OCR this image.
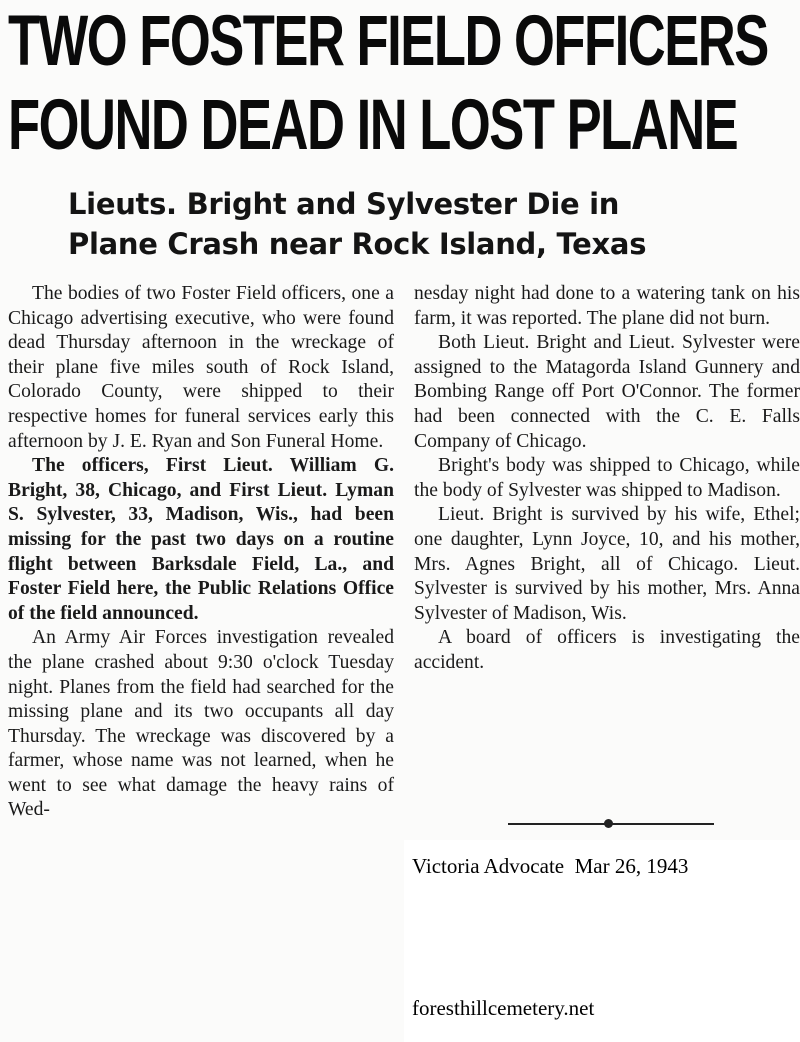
TWO FOSTER FIELD OFFICERS
FOUND DEAD IN LOST PLANE
Lieuts. Bright and Sylvester Die in
Plane Crash near Rock Island, Texas

The bodies of two Foster Field officers, one a Chicago advertising executive, who were found dead Thursday afternoon in the wreckage of their plane five miles south of Rock Island, Colorado County, were shipped to their respective homes for funeral services early this afternoon by J. E. Ryan and Son Funeral Home.

The officers, First Lieut. William G. Bright, 38, Chicago, and First Lieut. Lyman S. Sylvester, 33, Madison, Wis., had been missing for the past two days on a routine flight between Barksdale Field, La., and Foster Field here, the Public Relations Office of the field announced.

An Army Air Forces investigation revealed the plane crashed about 9:30 o'clock Tuesday night. Planes from the field had searched for the missing plane and its two occupants all day Thursday. The wreckage was discovered by a farmer, whose name was not learned, when he went to see what damage the heavy rains of Wed-

nesday night had done to a watering tank on his farm, it was reported. The plane did not burn.

Both Lieut. Bright and Lieut. Sylvester were assigned to the Matagorda Island Gunnery and Bombing Range off Port O'Connor. The former had been connected with the C. E. Falls Company of Chicago.

Bright's body was shipped to Chicago, while the body of Sylvester was shipped to Madison.

Lieut. Bright is survived by his wife, Ethel; one daughter, Lynn Joyce, 10, and his mother, Mrs. Agnes Bright, all of Chicago. Lieut. Sylvester is survived by his mother, Mrs. Anna Sylvester of Madison, Wis.

A board of officers is investigating the accident.

Victoria Advocate  Mar 26, 1943
foresthillcemetery.net
